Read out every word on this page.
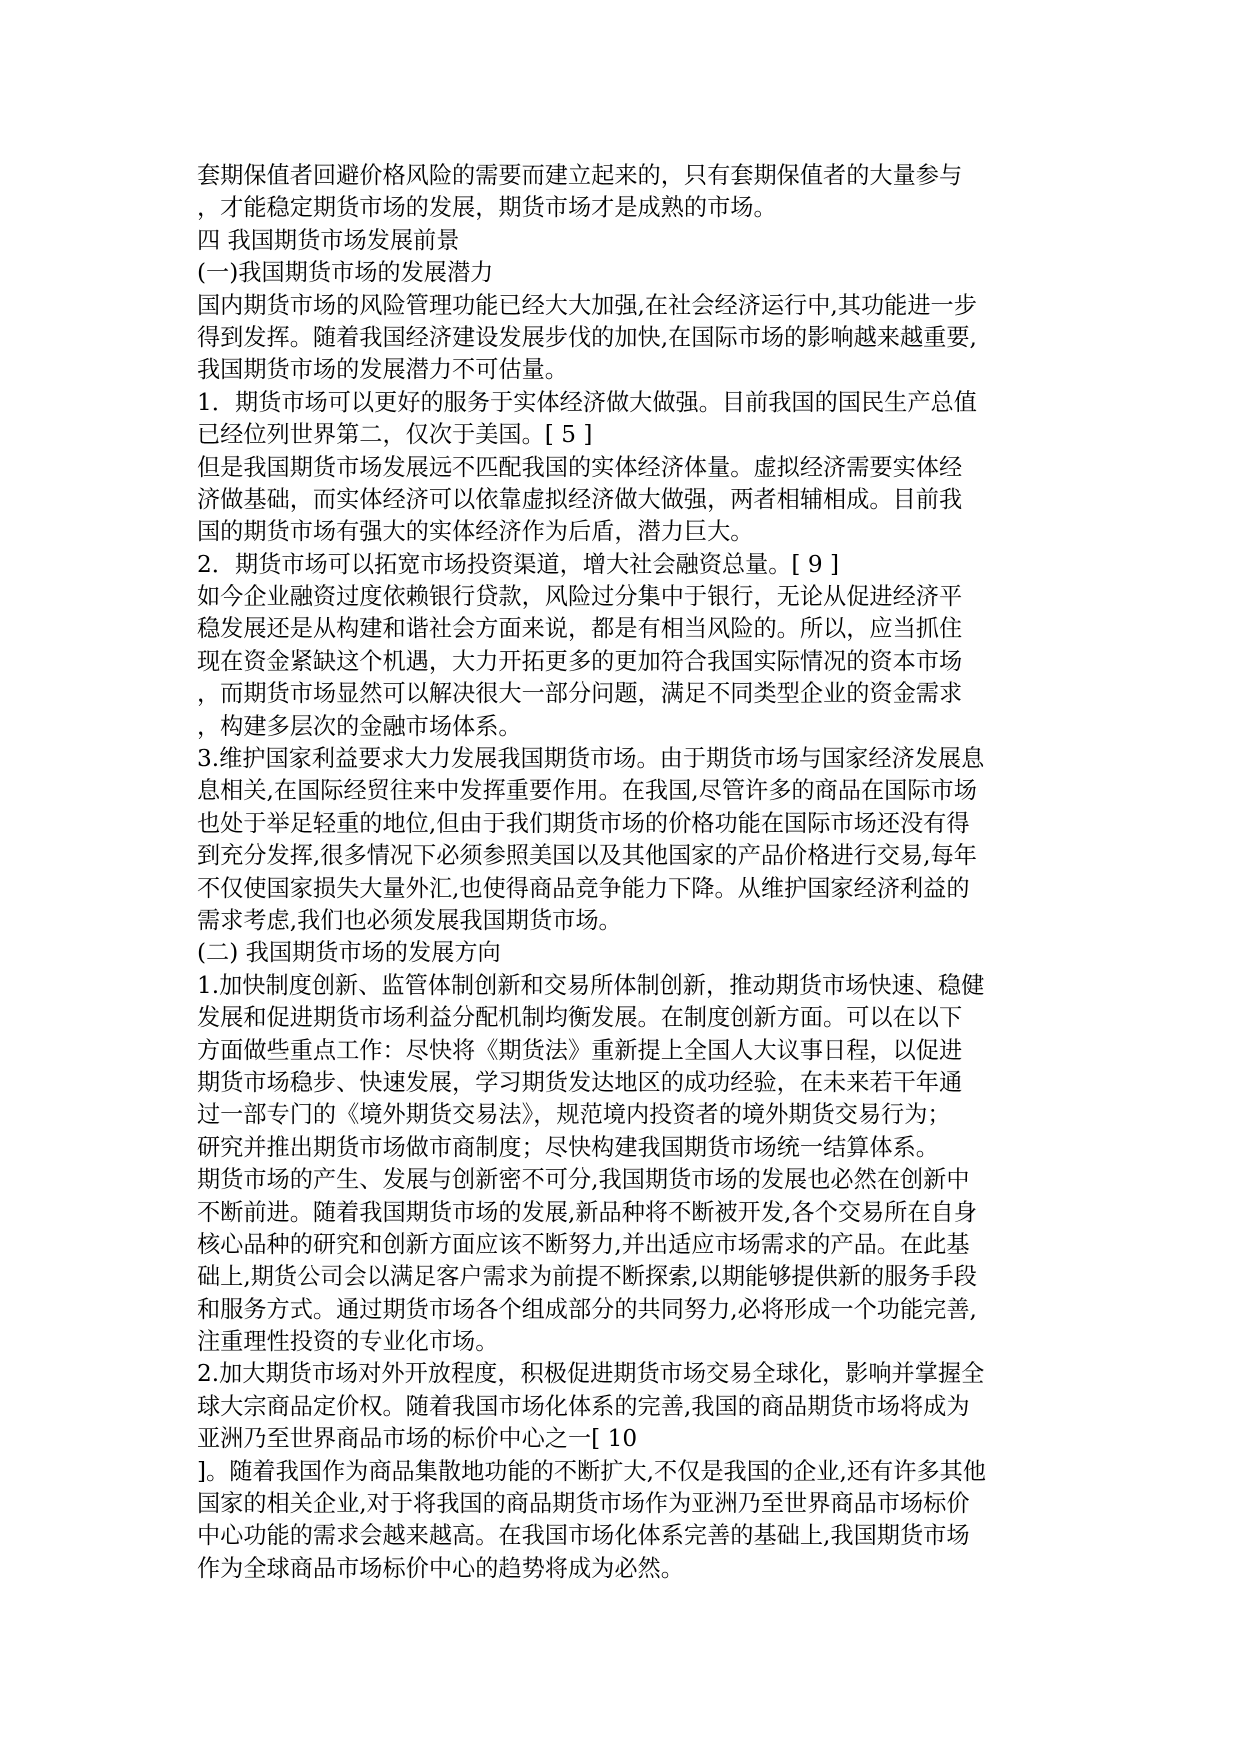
套期保值者回避价格风险的需要而建立起来的，只有套期保值者的大量参与
，才能稳定期货市场的发展，期货市场才是成熟的市场。
四 我国期货市场发展前景
(一)我国期货市场的发展潜力
国内期货市场的风险管理功能已经大大加强,在社会经济运行中,其功能进一步
得到发挥。随着我国经济建设发展步伐的加快,在国际市场的影响越来越重要,
我国期货市场的发展潜力不可估量。
1．期货市场可以更好的服务于实体经济做大做强。目前我国的国民生产总值
已经位列世界第二，仅次于美国。[ 5 ]
但是我国期货市场发展远不匹配我国的实体经济体量。虚拟经济需要实体经
济做基础，而实体经济可以依靠虚拟经济做大做强，两者相辅相成。目前我
国的期货市场有强大的实体经济作为后盾，潜力巨大。
2．期货市场可以拓宽市场投资渠道，增大社会融资总量。[ 9 ]
如今企业融资过度依赖银行贷款，风险过分集中于银行，无论从促进经济平
稳发展还是从构建和谐社会方面来说，都是有相当风险的。所以，应当抓住
现在资金紧缺这个机遇，大力开拓更多的更加符合我国实际情况的资本市场
，而期货市场显然可以解决很大一部分问题，满足不同类型企业的资金需求
，构建多层次的金融市场体系。
3.维护国家利益要求大力发展我国期货市场。由于期货市场与国家经济发展息
息相关,在国际经贸往来中发挥重要作用。在我国,尽管许多的商品在国际市场
也处于举足轻重的地位,但由于我们期货市场的价格功能在国际市场还没有得
到充分发挥,很多情况下必须参照美国以及其他国家的产品价格进行交易,每年
不仅使国家损失大量外汇,也使得商品竞争能力下降。从维护国家经济利益的
需求考虑,我们也必须发展我国期货市场。
(二) 我国期货市场的发展方向
1.加快制度创新、监管体制创新和交易所体制创新，推动期货市场快速、稳健
发展和促进期货市场利益分配机制均衡发展。在制度创新方面。可以在以下
方面做些重点工作：尽快将《期货法》重新提上全国人大议事日程，以促进
期货市场稳步、快速发展，学习期货发达地区的成功经验，在未来若干年通
过一部专门的《境外期货交易法》，规范境内投资者的境外期货交易行为；
研究并推出期货市场做市商制度；尽快构建我国期货市场统一结算体系。
期货市场的产生、发展与创新密不可分,我国期货市场的发展也必然在创新中
不断前进。随着我国期货市场的发展,新品种将不断被开发,各个交易所在自身
核心品种的研究和创新方面应该不断努力,并出适应市场需求的产品。在此基
础上,期货公司会以满足客户需求为前提不断探索,以期能够提供新的服务手段
和服务方式。通过期货市场各个组成部分的共同努力,必将形成一个功能完善,
注重理性投资的专业化市场。
2.加大期货市场对外开放程度，积极促进期货市场交易全球化，影响并掌握全
球大宗商品定价权。随着我国市场化体系的完善,我国的商品期货市场将成为
亚洲乃至世界商品市场的标价中心之一[ 10
]。随着我国作为商品集散地功能的不断扩大,不仅是我国的企业,还有许多其他
国家的相关企业,对于将我国的商品期货市场作为亚洲乃至世界商品市场标价
中心功能的需求会越来越高。在我国市场化体系完善的基础上,我国期货市场
作为全球商品市场标价中心的趋势将成为必然。
